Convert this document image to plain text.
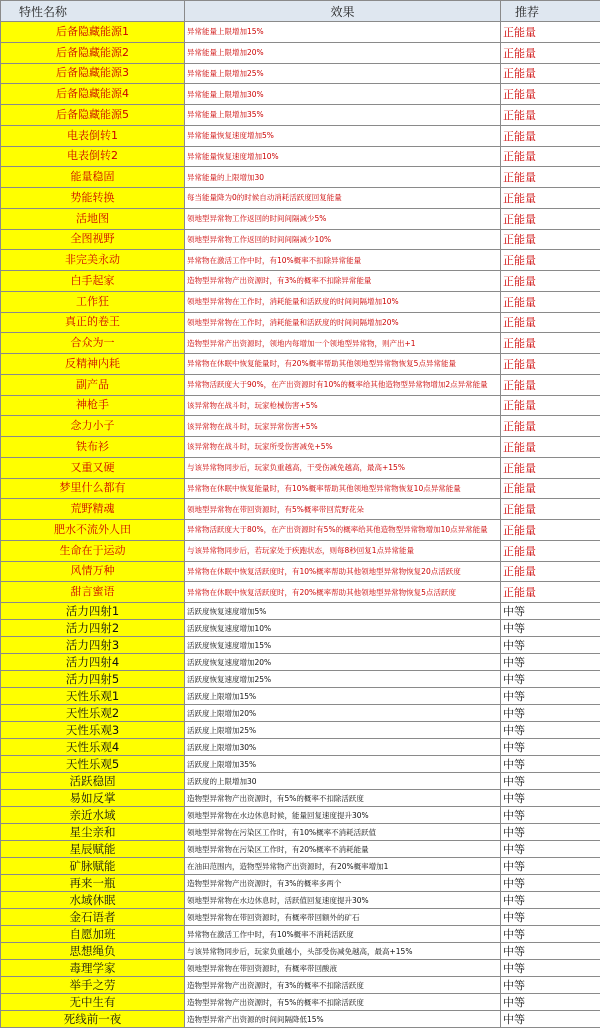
特性名称	效果	推荐
后备隐藏能源1	异常能量上限增加15%	正能量
后备隐藏能源2	异常能量上限增加20%	正能量
后备隐藏能源3	异常能量上限增加25%	正能量
后备隐藏能源4	异常能量上限增加30%	正能量
后备隐藏能源5	异常能量上限增加35%	正能量
电表倒转1	异常能量恢复速度增加5%	正能量
电表倒转2	异常能量恢复速度增加10%	正能量
能量稳固	异常能量的上限增加30	正能量
势能转换	每当能量降为0的时候自动消耗活跃度回复能量	正能量
活地图	领地型异常物工作返回的时间间隔减少5%	正能量
全图视野	领地型异常物工作返回的时间间隔减少10%	正能量
非完美永动	异常物在激活工作中时，有10%概率不扣除异常能量	正能量
白手起家	造物型异常物产出资源时，有3%的概率不扣除异常能量	正能量
工作狂	领地型异常物在工作时，消耗能量和活跃度的时间间隔增加10%	正能量
真正的卷王	领地型异常物在工作时，消耗能量和活跃度的时间间隔增加20%	正能量
合众为一	造物型异常产出资源时，领地内每增加一个领地型异常物，则产出+1	正能量
反精神内耗	异常物在休眠中恢复能量时，有20%概率帮助其他领地型异常物恢复5点异常能量	正能量
副产品	异常物活跃度大于90%，在产出资源时有10%的概率给其他造物型异常物增加2点异常能量	正能量
神枪手	该异常物在战斗时，玩家枪械伤害+5%	正能量
念力小子	该异常物在战斗时，玩家异常伤害+5%	正能量
铁布衫	该异常物在战斗时，玩家所受伤害减免+5%	正能量
又重又硬	与该异常物同步后，玩家负重越高，干受伤减免越高，最高+15%	正能量
梦里什么都有	异常物在休眠中恢复能量时，有10%概率帮助其他领地型异常物恢复10点异常能量	正能量
荒野精魂	领地型异常物在带回资源时，有5%概率带回荒野花朵	正能量
肥水不流外人田	异常物活跃度大于80%，在产出资源时有5%的概率给其他造物型异常物增加10点异常能量	正能量
生命在于运动	与该异常物同步后，若玩家处于疾跑状态，则每8秒回复1点异常能量	正能量
风情万种	异常物在休眠中恢复活跃度时，有10%概率帮助其他领地型异常物恢复20点活跃度	正能量
甜言蜜语	异常物在休眠中恢复活跃度时，有20%概率帮助其他领地型异常物恢复5点活跃度	正能量
活力四射1	活跃度恢复速度增加5%	中等
活力四射2	活跃度恢复速度增加10%	中等
活力四射3	活跃度恢复速度增加15%	中等
活力四射4	活跃度恢复速度增加20%	中等
活力四射5	活跃度恢复速度增加25%	中等
天性乐观1	活跃度上限增加15%	中等
天性乐观2	活跃度上限增加20%	中等
天性乐观3	活跃度上限增加25%	中等
天性乐观4	活跃度上限增加30%	中等
天性乐观5	活跃度上限增加35%	中等
活跃稳固	活跃度的上限增加30	中等
易如反掌	造物型异常物产出资源时，有5%的概率不扣除活跃度	中等
亲近水域	领地型异常物在水边休息时候，能量回复速度提升30%	中等
星尘亲和	领地型异常物在污染区工作时，有10%概率不消耗活跃值	中等
星辰赋能	领地型异常物在污染区工作时，有20%概率不消耗能量	中等
矿脉赋能	在油田范围内，造物型异常物产出资源时，有20%概率增加1	中等
再来一瓶	造物型异常物产出资源时，有3%的概率多两个	中等
水域休眠	领地型异常物在水边休息时，活跃值回复速度提升30%	中等
金石语者	领地型异常物在带回资源时，有概率带回额外的矿石	中等
自愿加班	异常物在激活工作中时，有10%概率不消耗活跃度	中等
思想绳负	与该异常物同步后，玩家负重越小，头部受伤减免越高，最高+15%	中等
毒理学家	领地型异常物在带回资源时，有概率带回酸液	中等
举手之劳	造物型异常物产出资源时，有3%的概率不扣除活跃度	中等
无中生有	造物型异常物产出资源时，有5%的概率不扣除活跃度	中等
死线前一夜	造物型异常产出资源的时间间隔降低15%	中等
